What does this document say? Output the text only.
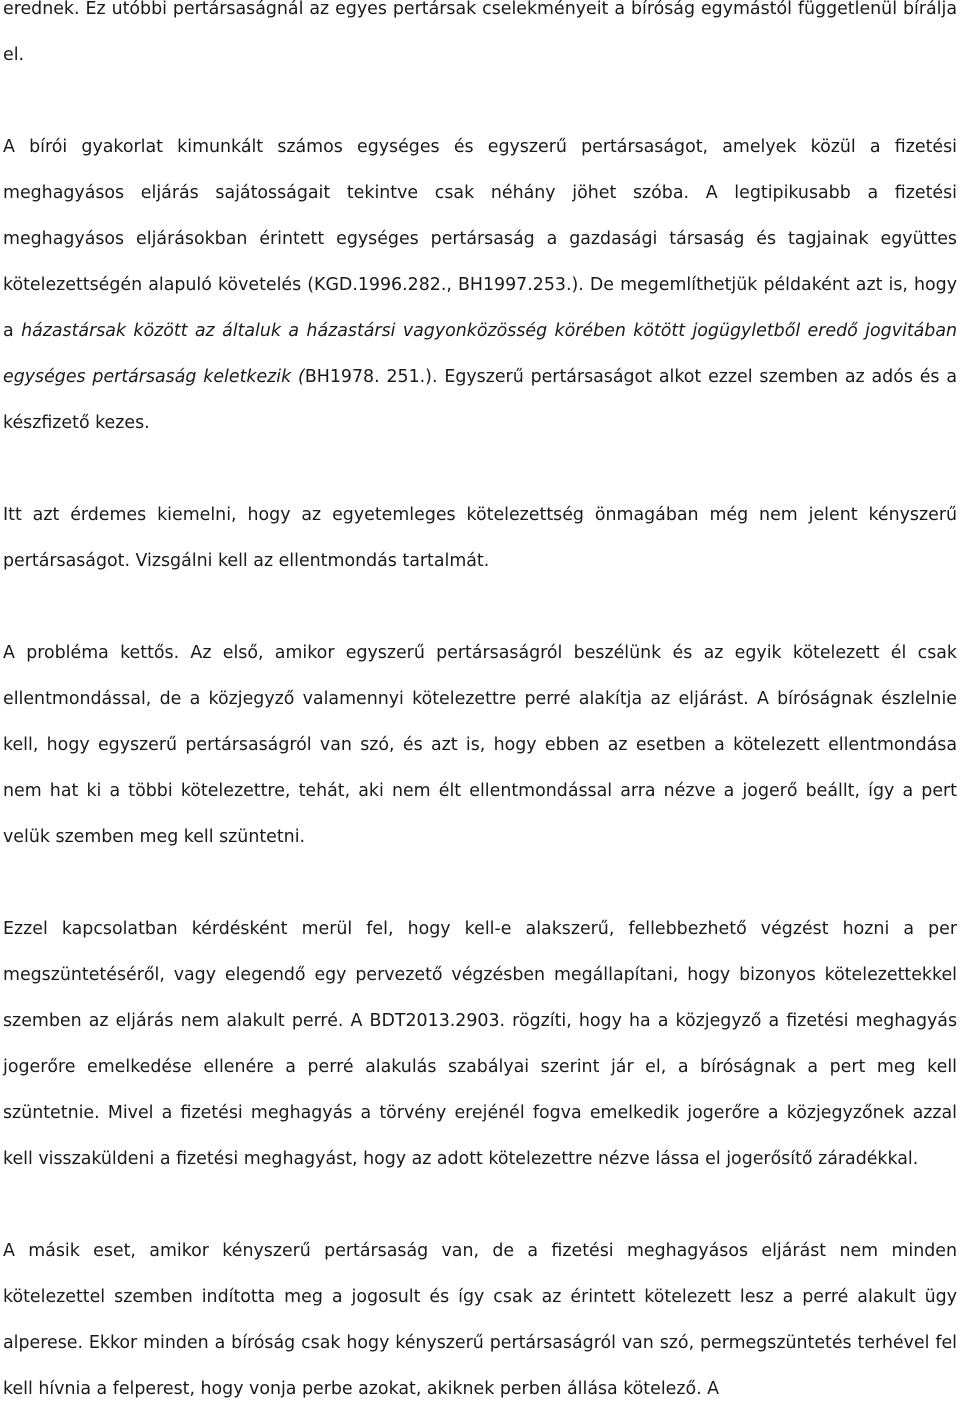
erednek. Ez utóbbi pertársaságnál az egyes pertársak cselekményeit a bíróság egymástól függetlenül bírálja el.

A bírói gyakorlat kimunkált számos egységes és egyszerű pertársaságot, amelyek közül a fizetési meghagyásos eljárás sajátosságait tekintve csak néhány jöhet szóba. A legtipikusabb a fizetési meghagyásos eljárásokban érintett egységes pertársaság a gazdasági társaság és tagjainak együttes kötelezettségén alapuló követelés (KGD.1996.282., BH1997.253.). De megemlíthetjük példaként azt is, hogy a házastársak között az általuk a házastársi vagyonközösség körében kötött jogügyletből eredő jogvitában egységes pertársaság keletkezik (BH1978. 251.). Egyszerű pertársaságot alkot ezzel szemben az adós és a készfizető kezes.

Itt azt érdemes kiemelni, hogy az egyetemleges kötelezettség önmagában még nem jelent kényszerű pertársaságot. Vizsgálni kell az ellentmondás tartalmát.

A probléma kettős. Az első, amikor egyszerű pertársaságról beszélünk és az egyik kötelezett él csak ellentmondással, de a közjegyző valamennyi kötelezettre perré alakítja az eljárást. A bíróságnak észlelnie kell, hogy egyszerű pertársaságról van szó, és azt is, hogy ebben az esetben a kötelezett ellentmondása nem hat ki a többi kötelezettre, tehát, aki nem élt ellentmondással arra nézve a jogerő beállt, így a pert velük szemben meg kell szüntetni.

Ezzel kapcsolatban kérdésként merül fel, hogy kell-e alakszerű, fellebbezhető végzést hozni a per megszüntetéséről, vagy elegendő egy pervezető végzésben megállapítani, hogy bizonyos kötelezettekkel szemben az eljárás nem alakult perré. A BDT2013.2903. rögzíti, hogy ha a közjegyző a fizetési meghagyás jogerőre emelkedése ellenére a perré alakulás szabályai szerint jár el, a bíróságnak a pert meg kell szüntetnie. Mivel a fizetési meghagyás a törvény erejénél fogva emelkedik jogerőre a közjegyzőnek azzal kell visszaküldeni a fizetési meghagyást, hogy az adott kötelezettre nézve lássa el jogerősítő záradékkal.

A másik eset, amikor kényszerű pertársaság van, de a fizetési meghagyásos eljárást nem minden kötelezettel szemben indította meg a jogosult és így csak az érintett kötelezett lesz a perré alakult ügy alperese. Ekkor minden a bíróság csak hogy kényszerű pertársaságról van szó, permegszüntetés terhével fel kell hívnia a felperest, hogy vonja perbe azokat, akiknek perben állása kötelező. A
